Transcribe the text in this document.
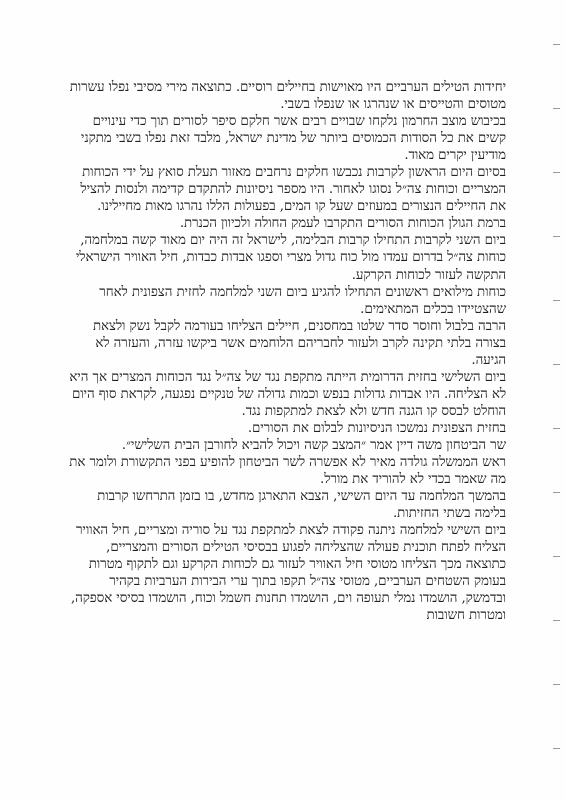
יחידות הטילים הערביים היו מאוישות בחיילים רוסיים. כתוצאה מירי מסיבי נפלו עשרות מטוסים והטייסים או שנהרגו או שנפלו בשבי.

בכיבוש מוצב החרמון נלקחו שבויים רבים אשר חלקם סיפר לסורים תוך כדי עינויים קשים את כל הסודות הכמוסים ביותר של מדינת ישראל, מלבד זאת נפלו בשבי מתקני מודיעין יקרים מאוד.

בסיום היום הראשון לקרבות נכבשו חלקים נרחבים מאזור תעלת סואץ על ידי הכוחות המצריים וכוחות צה״ל נסוגו לאחור. היו מספר ניסיונות להתקדם קדימה ולנסות להציל את החיילים הנצורים במעוזים שעל קו המים, בפעולות הללו נהרגו מאות מחיילינו.

ברמת הגולן הכוחות הסורים התקרבו לעמק החולה ולכיוון הכנרת.

ביום השני לקרבות התחילו קרבות הבלימה, לישראל זה היה יום מאוד קשה במלחמה, כוחות צה״ל בדרום עמדו מול כוח גדול מצרי וספגו אבדות כבדות, חיל האוויר הישראלי התקשה לעזור לכוחות הקרקע.

כוחות מילואים ראשונים התחילו להגיע ביום השני למלחמה לחזית הצפונית לאחר שהצטיידו בכלים המתאימים.

הרבה בלבול וחוסר סדר שלטו במחסנים, חיילים הצליחו בעורמה לקבל נשק ולצאת בצורה בלתי תקינה לקרב ולעזור לחבריהם הלוחמים אשר ביקשו עזרה, והעזרה לא הגיעה.

ביום השלישי בחזית הדרומית הייתה מתקפת נגד של צה״ל נגד הכוחות המצרים אך היא לא הצליחה. היו אבדות גדולות בנפש וכמות גדולה של טנקיים נפגעה, לקראת סוף היום הוחלט לבסס קו הגנה חדש ולא לצאת למתקפות נגד.

בחזית הצפונית נמשכו הניסיונות לבלום את הסורים.

שר הביטחון משה דיין אמר ״המצב קשה ויכול להביא לחורבן הבית השלישי״.

ראש הממשלה גולדה מאיר לא אפשרה לשר הביטחון להופיע בפני התקשורת ולומר את מה שאמר בכדי לא להוריד את מורל.

בהמשך המלחמה עד היום השישי, הצבא התארגן מחדש, בו בזמן התרחשו קרבות בלימה בשתי החזיתות.

ביום השישי למלחמה ניתנה פקודה לצאת למתקפת נגד על סוריה ומצריים, חיל האוויר הצליח לפתח תוכנית פעולה שהצליחה לפגוע בבסיסי הטילים הסורים והמצריים, כתוצאה מכך הצליחו מטוסי חיל האוויר לעזור גם לכוחות הקרקע וגם לתקוף מטרות בעומק השטחים הערביים, מטוסי צה״ל תקפו בתוך ערי הבירות הערביות בקהיר ובדמשק, הושמדו נמלי תעופה וים, הושמדו תחנות חשמל וכוח, הושמדו בסיסי אספקה, ומטרות חשובות
